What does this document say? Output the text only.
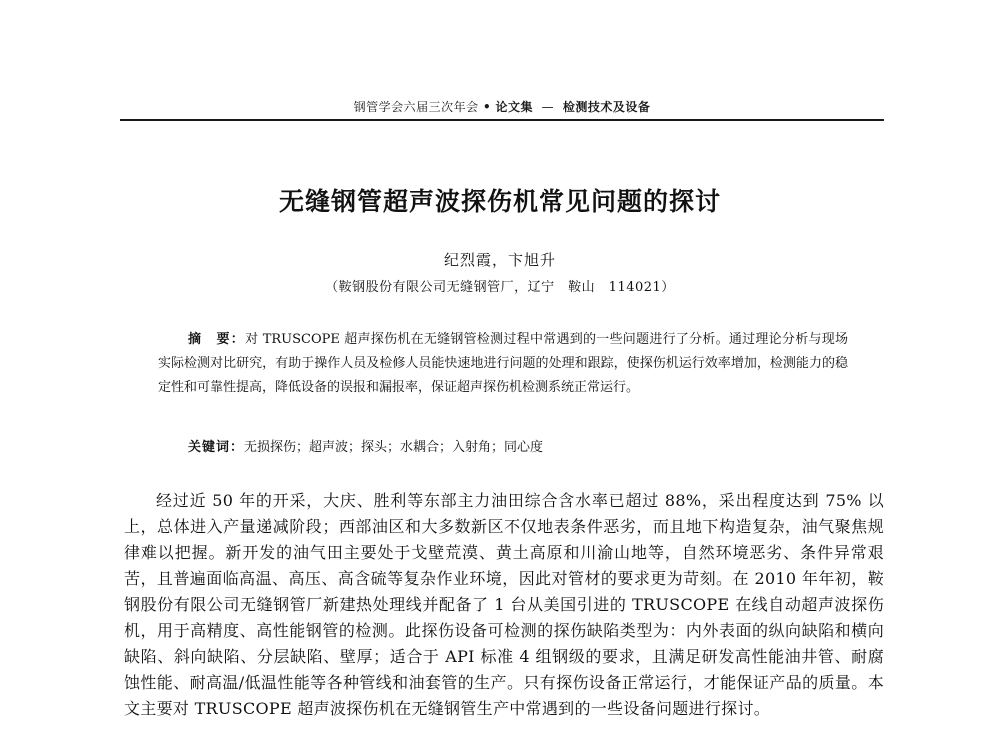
钢管学会六届三次年会 • 论文集 — 检测技术及设备
无缝钢管超声波探伤机常见问题的探讨
纪烈霞，卞旭升
（鞍钢股份有限公司无缝钢管厂，辽宁　鞍山　114021）
摘　要：对 TRUSCOPE 超声探伤机在无缝钢管检测过程中常遇到的一些问题进行了分析。通过理论分析与现场实际检测对比研究，有助于操作人员及检修人员能快速地进行问题的处理和跟踪，使探伤机运行效率增加，检测能力的稳定性和可靠性提高，降低设备的误报和漏报率，保证超声探伤机检测系统正常运行。
关键词：无损探伤；超声波；探头；水耦合；入射角；同心度
经过近 50 年的开采，大庆、胜利等东部主力油田综合含水率已超过 88%，采出程度达到 75% 以上，总体进入产量递减阶段；西部油区和大多数新区不仅地表条件恶劣，而且地下构造复杂，油气聚焦规律难以把握。新开发的油气田主要处于戈壁荒漠、黄土高原和川渝山地等，自然环境恶劣、条件异常艰苦，且普遍面临高温、高压、高含硫等复杂作业环境，因此对管材的要求更为苛刻。在 2010 年年初，鞍钢股份有限公司无缝钢管厂新建热处理线并配备了 1 台从美国引进的 TRUSCOPE 在线自动超声波探伤机，用于高精度、高性能钢管的检测。此探伤设备可检测的探伤缺陷类型为：内外表面的纵向缺陷和横向缺陷、斜向缺陷、分层缺陷、壁厚；适合于 API 标准 4 组钢级的要求，且满足研发高性能油井管、耐腐蚀性能、耐高温/低温性能等各种管线和油套管的生产。只有探伤设备正常运行，才能保证产品的质量。本文主要对 TRUSCOPE 超声波探伤机在无缝钢管生产中常遇到的一些设备问题进行探讨。
